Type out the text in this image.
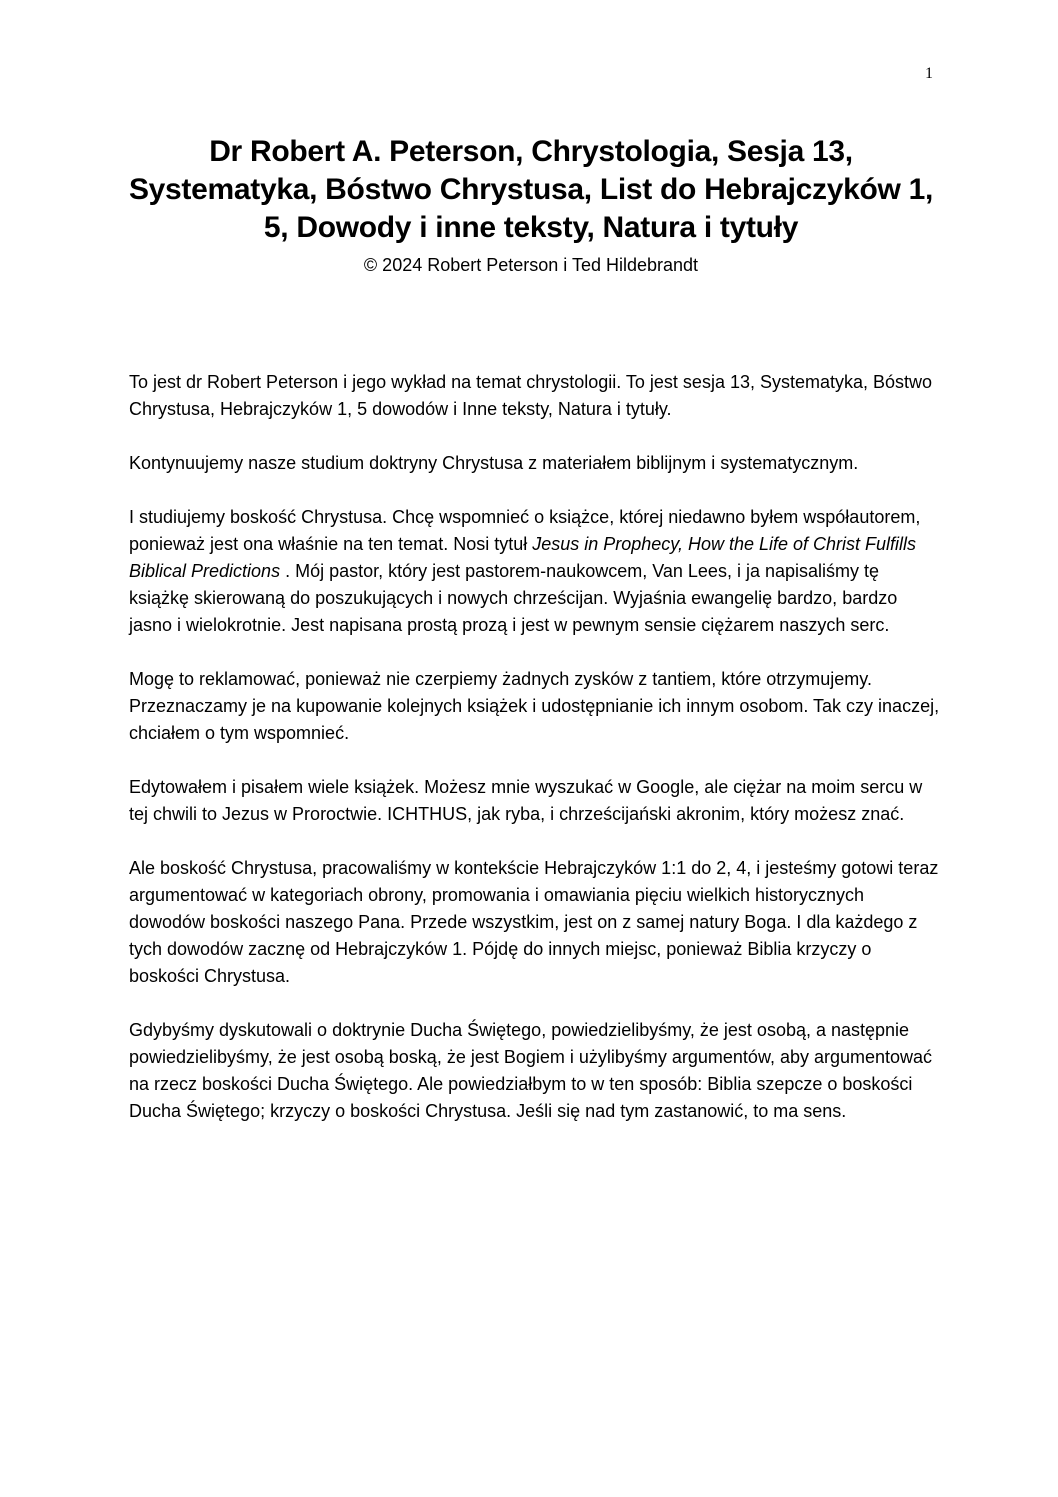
1
Dr Robert A. Peterson, Chrystologia, Sesja 13, Systematyka, Bóstwo Chrystusa, List do Hebrajczyków 1, 5, Dowody i inne teksty, Natura i tytuły

© 2024 Robert Peterson i Ted Hildebrandt

To jest dr Robert Peterson i jego wykład na temat chrystologii. To jest sesja 13, Systematyka, Bóstwo Chrystusa, Hebrajczyków 1, 5 dowodów i Inne teksty, Natura i tytuły.

Kontynuujemy nasze studium doktryny Chrystusa z materiałem biblijnym i systematycznym.

I studiujemy boskość Chrystusa. Chcę wspomnieć o książce, której niedawno byłem współautorem, ponieważ jest ona właśnie na ten temat. Nosi tytuł Jesus in Prophecy, How the Life of Christ Fulfills Biblical Predictions . Mój pastor, który jest pastorem-naukowcem, Van Lees, i ja napisaliśmy tę książkę skierowaną do poszukujących i nowych chrześcijan. Wyjaśnia ewangelię bardzo, bardzo jasno i wielokrotnie. Jest napisana prostą prozą i jest w pewnym sensie ciężarem naszych serc.

Mogę to reklamować, ponieważ nie czerpiemy żadnych zysków z tantiem, które otrzymujemy. Przeznaczamy je na kupowanie kolejnych książek i udostępnianie ich innym osobom. Tak czy inaczej, chciałem o tym wspomnieć.

Edytowałem i pisałem wiele książek. Możesz mnie wyszukać w Google, ale ciężar na moim sercu w tej chwili to Jezus w Proroctwie. ICHTHUS, jak ryba, i chrześcijański akronim, który możesz znać.

Ale boskość Chrystusa, pracowaliśmy w kontekście Hebrajczyków 1:1 do 2, 4, i jesteśmy gotowi teraz argumentować w kategoriach obrony, promowania i omawiania pięciu wielkich historycznych dowodów boskości naszego Pana. Przede wszystkim, jest on z samej natury Boga. I dla każdego z tych dowodów zacznę od Hebrajczyków 1. Pójdę do innych miejsc, ponieważ Biblia krzyczy o boskości Chrystusa.

Gdybyśmy dyskutowali o doktrynie Ducha Świętego, powiedzielibyśmy, że jest osobą, a następnie powiedzielibyśmy, że jest osobą boską, że jest Bogiem i użylibyśmy argumentów, aby argumentować na rzecz boskości Ducha Świętego. Ale powiedziałbym to w ten sposób: Biblia szepcze o boskości Ducha Świętego; krzyczy o boskości Chrystusa. Jeśli się nad tym zastanowić, to ma sens.
